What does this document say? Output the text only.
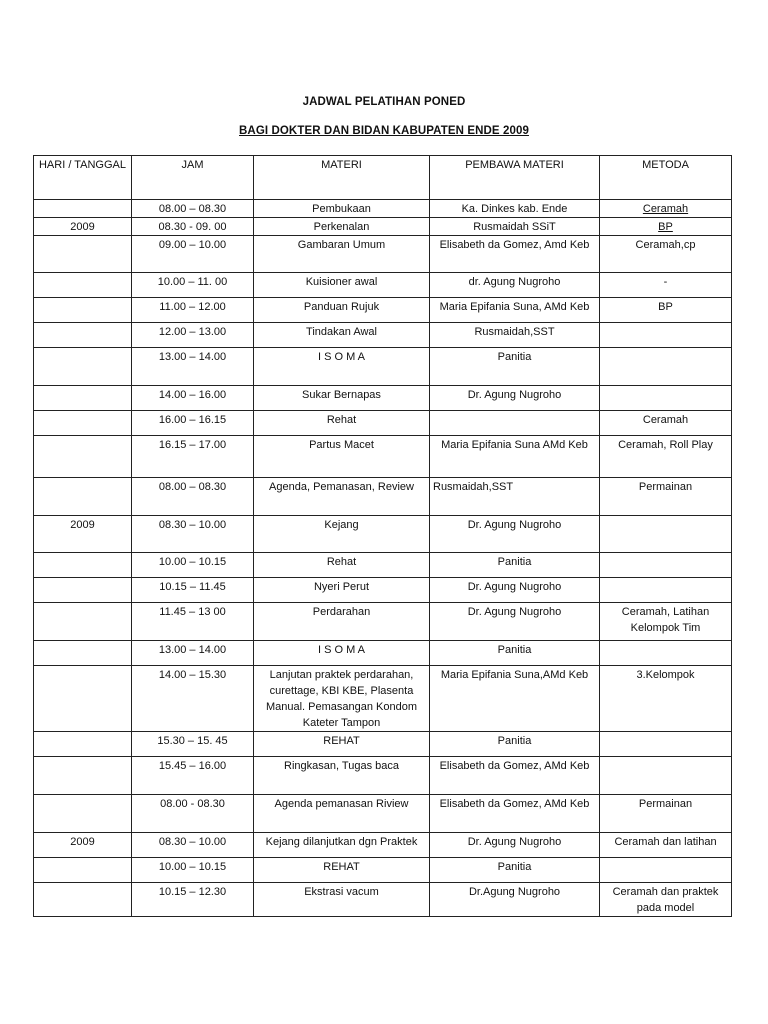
JADWAL PELATIHAN PONED
BAGI DOKTER DAN BIDAN KABUPATEN ENDE 2009
HARI / TANGGAL	JAM	MATERI	PEMBAWA MATERI	METODA
	08.00 – 08.30	Pembukaan	Ka. Dinkes kab. Ende	Ceramah
2009	08.30 - 09. 00	Perkenalan	Rusmaidah SSiT	BP
	09.00 – 10.00	Gambaran Umum	Elisabeth da Gomez, Amd Keb	Ceramah,cp
	10.00 – 11. 00	Kuisioner awal	dr. Agung Nugroho	-
	11.00 – 12.00	Panduan Rujuk	Maria Epifania Suna, AMd Keb	BP
	12.00 – 13.00	Tindakan Awal	Rusmaidah,SST	
	13.00 – 14.00	I S O M A	Panitia	
	14.00 – 16.00	Sukar Bernapas	Dr. Agung Nugroho	
	16.00 – 16.15	Rehat		Ceramah
	16.15 – 17.00	Partus Macet	Maria Epifania Suna AMd Keb	Ceramah, Roll Play
	08.00 – 08.30	Agenda, Pemanasan, Review	Rusmaidah,SST	Permainan
2009	08.30 – 10.00	Kejang	Dr. Agung Nugroho	
	10.00 – 10.15	Rehat	Panitia	
	10.15 – 11.45	Nyeri Perut	Dr. Agung Nugroho	
	11.45 – 13 00	Perdarahan	Dr. Agung Nugroho	Ceramah, Latihan Kelompok Tim
	13.00 – 14.00	I S O M A	Panitia	
	14.00 – 15.30	Lanjutan praktek perdarahan, curettage, KBI KBE, Plasenta Manual. Pemasangan Kondom Kateter Tampon	Maria Epifania Suna,AMd Keb	3.Kelompok
	15.30 – 15. 45	REHAT	Panitia	
	15.45 – 16.00	Ringkasan, Tugas baca	Elisabeth da Gomez, AMd Keb	
	08.00 - 08.30	Agenda pemanasan Riview	Elisabeth da Gomez, AMd Keb	Permainan
2009	08.30 – 10.00	Kejang dilanjutkan dgn Praktek	Dr. Agung Nugroho	Ceramah dan latihan
	10.00 – 10.15	REHAT	Panitia	
	10.15 – 12.30	Ekstrasi vacum	Dr.Agung Nugroho	Ceramah dan praktek pada model
